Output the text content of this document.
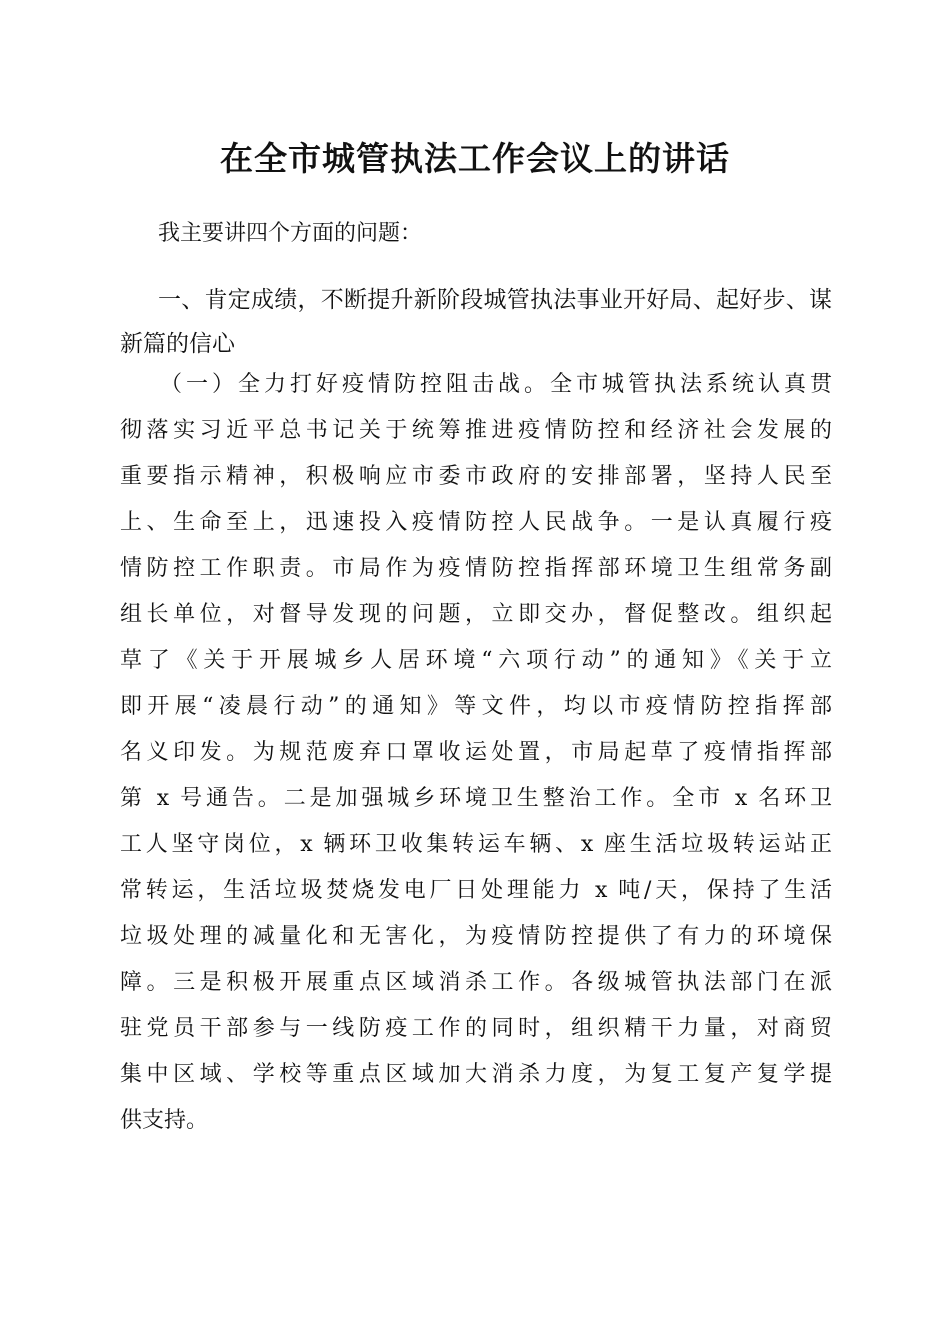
在全市城管执法工作会议上的讲话

我主要讲四个方面的问题：

一、肯定成绩，不断提升新阶段城管执法事业开好局、起好步、谋新篇的信心

（一）全力打好疫情防控阻击战。全市城管执法系统认真贯
彻落实习近平总书记关于统筹推进疫情防控和经济社会发展的
重要指示精神，积极响应市委市政府的安排部署，坚持人民至
上、生命至上，迅速投入疫情防控人民战争。一是认真履行疫
情防控工作职责。市局作为疫情防控指挥部环境卫生组常务副
组长单位，对督导发现的问题，立即交办，督促整改。组织起
草了《关于开展城乡人居环境“六项行动”的通知》《关于立
即开展“凌晨行动”的通知》等文件，均以市疫情防控指挥部
名义印发。为规范废弃口罩收运处置，市局起草了疫情指挥部
第 x 号通告。二是加强城乡环境卫生整治工作。全市 x 名环卫
工人坚守岗位，x 辆环卫收集转运车辆、x 座生活垃圾转运站正
常转运，生活垃圾焚烧发电厂日处理能力 x 吨/天，保持了生活
垃圾处理的减量化和无害化，为疫情防控提供了有力的环境保
障。三是积极开展重点区域消杀工作。各级城管执法部门在派
驻党员干部参与一线防疫工作的同时，组织精干力量，对商贸
集中区域、学校等重点区域加大消杀力度，为复工复产复学提
供支持。
